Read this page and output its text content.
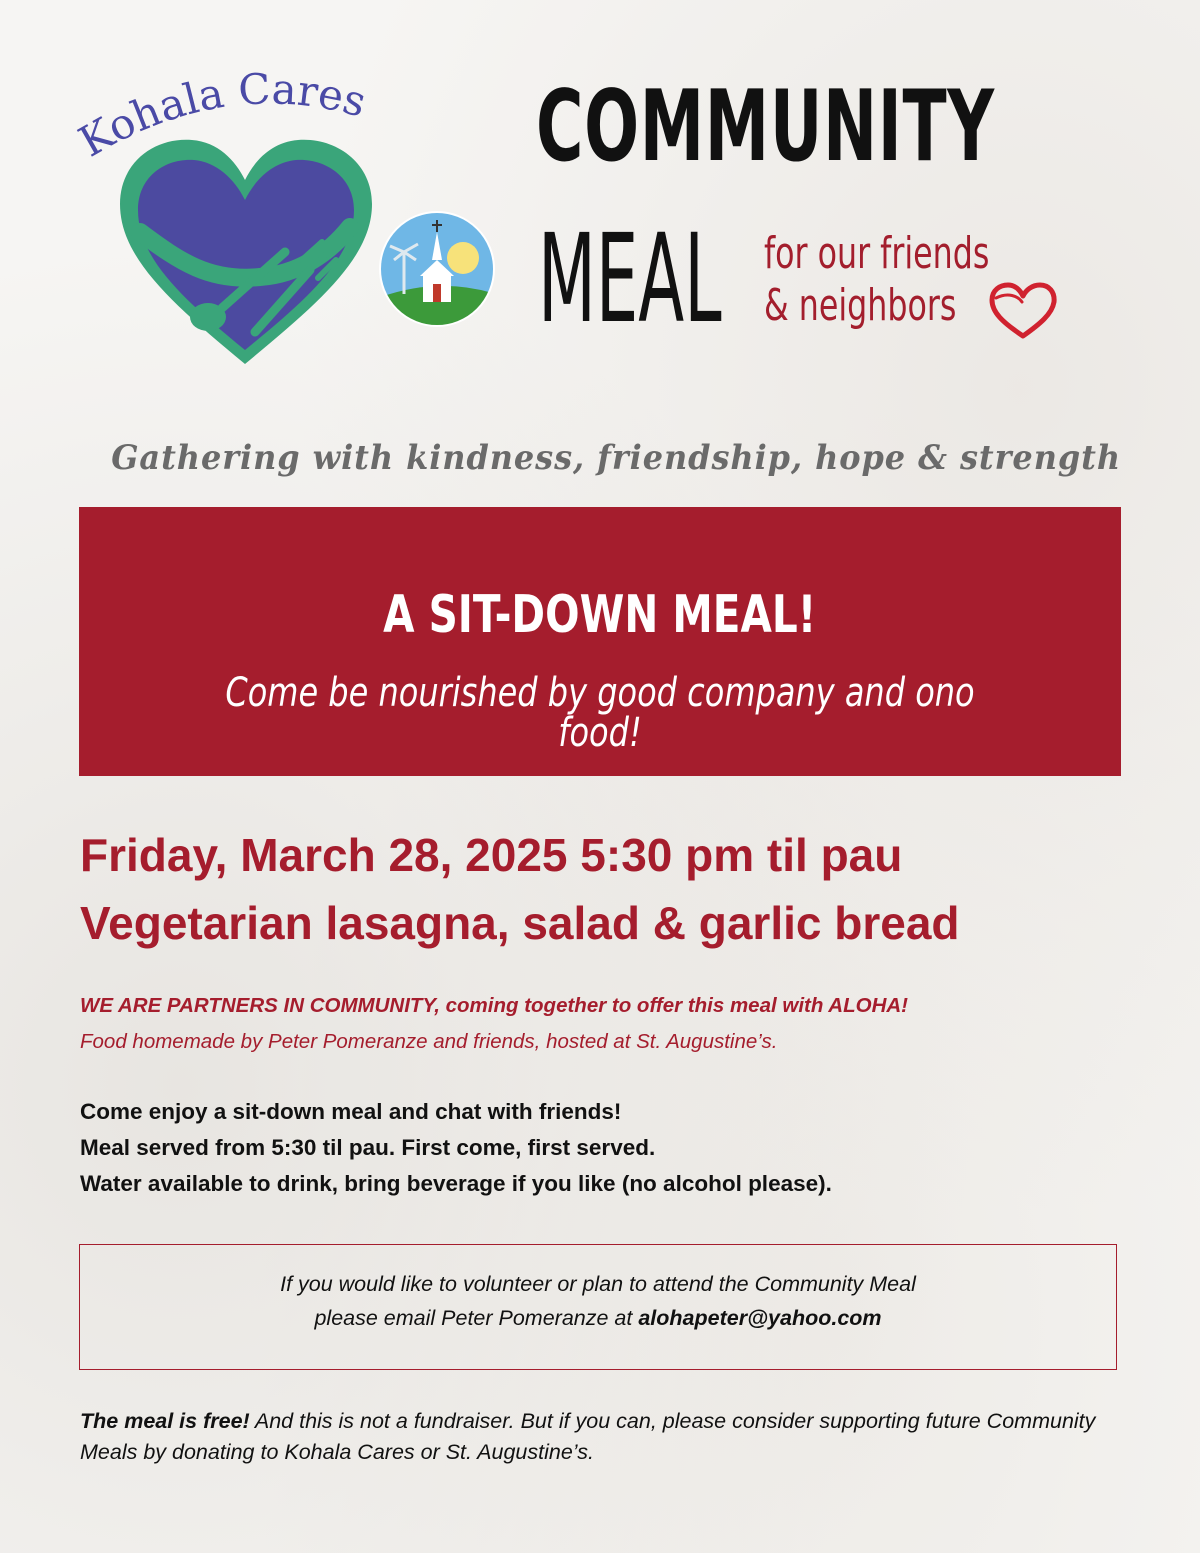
Kohala Cares COMMUNITY
MEAL for our friends
& neighbors
Gathering with kindness, friendship, hope & strength
A SIT-DOWN MEAL!
Come be nourished by good company and ono food!
Friday, March 28, 2025 5:30 pm til pau
Vegetarian lasagna, salad & garlic bread
WE ARE PARTNERS IN COMMUNITY, coming together to offer this meal with ALOHA!
Food homemade by Peter Pomeranze and friends, hosted at St. Augustine’s.
Come enjoy a sit-down meal and chat with friends!
Meal served from 5:30 til pau. First come, first served.
Water available to drink, bring beverage if you like (no alcohol please).
If you would like to volunteer or plan to attend the Community Meal
please email Peter Pomeranze at alohapeter@yahoo.com
The meal is free! And this is not a fundraiser. But if you can, please consider supporting future Community Meals by donating to Kohala Cares or St. Augustine’s.
